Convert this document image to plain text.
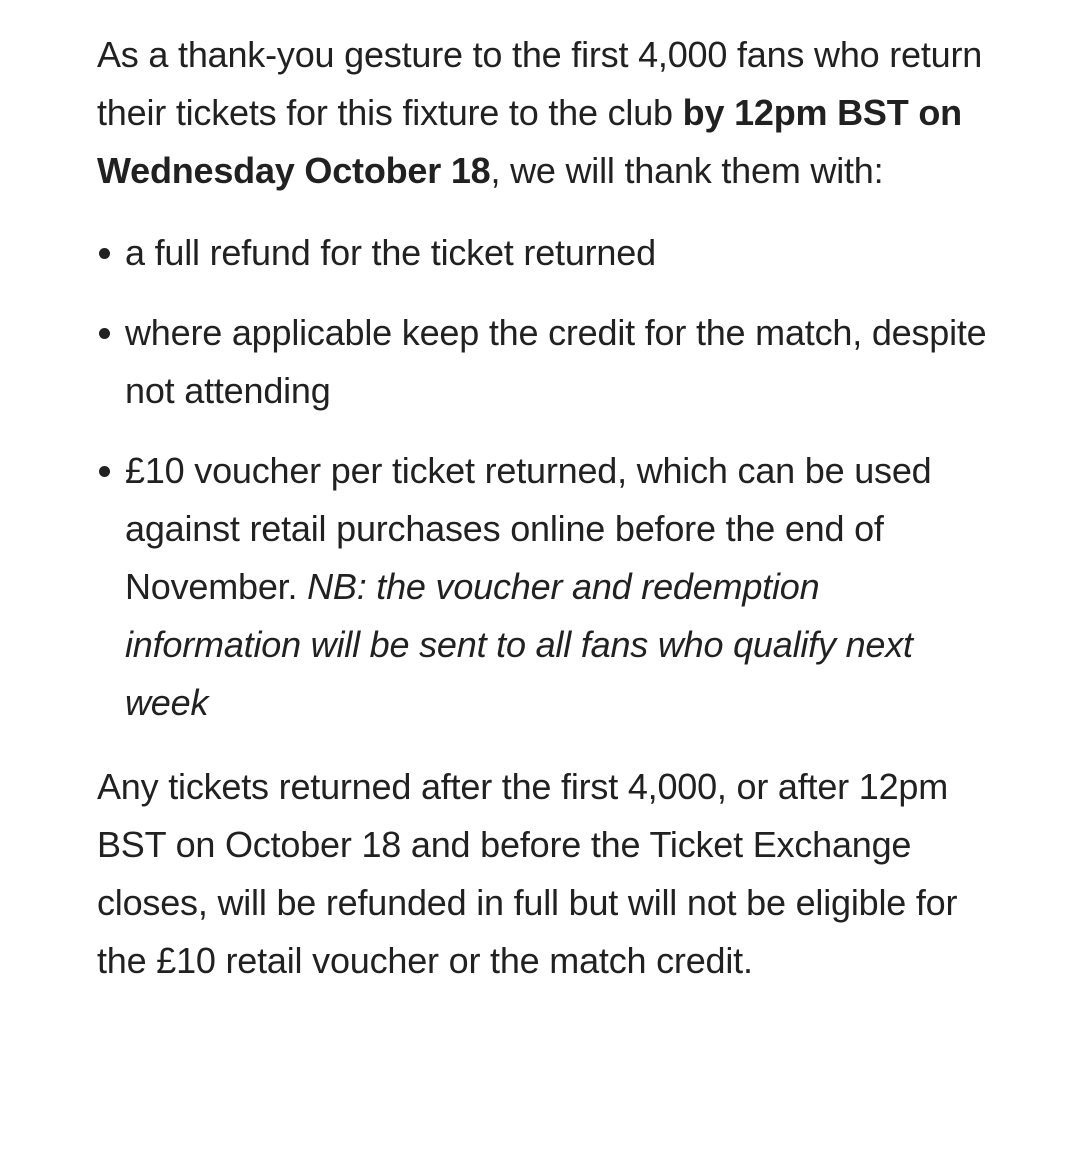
As a thank-you gesture to the first 4,000 fans who return their tickets for this fixture to the club by 12pm BST on Wednesday October 18, we will thank them with:

a full refund for the ticket returned
where applicable keep the credit for the match, despite not attending
£10 voucher per ticket returned, which can be used against retail purchases online before the end of November. NB: the voucher and redemption information will be sent to all fans who qualify next week

Any tickets returned after the first 4,000, or after 12pm BST on October 18 and before the Ticket Exchange closes, will be refunded in full but will not be eligible for the £10 retail voucher or the match credit.
